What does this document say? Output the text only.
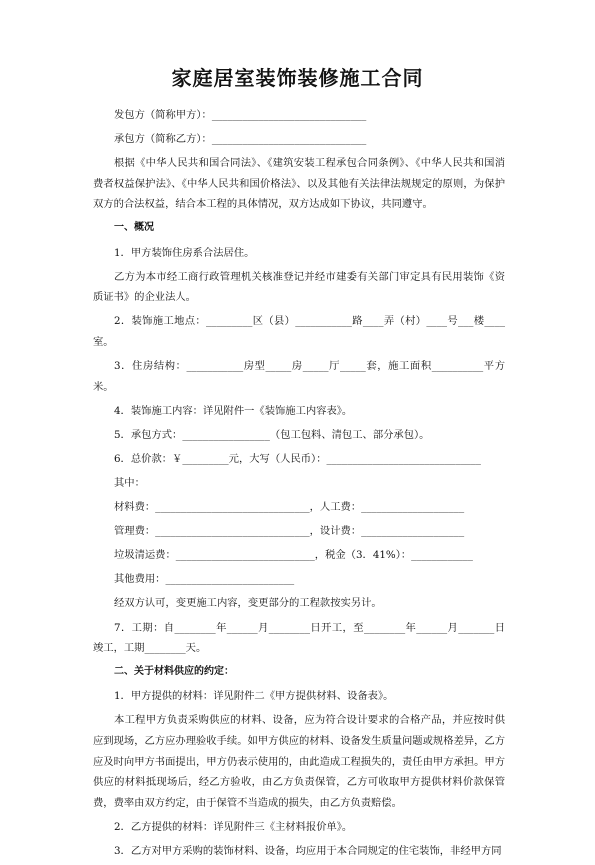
家庭居室装饰装修施工合同
发包方（简称甲方）：______________________________
承包方（简称乙方）：______________________________
根据《中华人民共和国合同法》、《建筑安装工程承包合同条例》、《中华人民共和国消费者权益保护法》、《中华人民共和国价格法》、以及其他有关法律法规规定的原则，为保护双方的合法权益，结合本工程的具体情况，双方达成如下协议，共同遵守。
一、概况
1．甲方装饰住房系合法居住。
乙方为本市经工商行政管理机关核准登记并经市建委有关部门审定具有民用装饰《资质证书》的企业法人。
2．装饰施工地点：_________区（县）___________路____弄（村）____号___楼____室。
3．住房结构：___________房型_____房_____厅_____套，施工面积__________平方米。
4．装饰施工内容：详见附件一《装饰施工内容表》。
5．承包方式：_________________（包工包料、清包工、部分承包）。
6．总价款：￥_________元，大写（人民币）：______________________________
其中：
材料费：______________________________，人工费：____________________
管理费：______________________________，设计费：____________________
垃圾清运费：___________________________，税金（3．41%）：____________
其他费用：_________________________
经双方认可，变更施工内容，变更部分的工程款按实另计。
7．工期：自________年______月________日开工，至________年______月_______日竣工，工期________天。
二、关于材料供应的约定：
1．甲方提供的材料：详见附件二《甲方提供材料、设备表》。
本工程甲方负责采购供应的材料、设备，应为符合设计要求的合格产品，并应按时供应到现场，乙方应办理验收手续。如甲方供应的材料、设备发生质量问题或规格差异，乙方应及时向甲方书面提出，甲方仍表示使用的，由此造成工程损失的，责任由甲方承担。甲方供应的材料抵现场后，经乙方验收，由乙方负责保管，乙方可收取甲方提供材料价款保管费，费率由双方约定，由于保管不当造成的损失，由乙方负责赔偿。
2．乙方提供的材料：详见附件三《主材料报价单》。
3．乙方对甲方采购的装饰材料、设备，均应用于本合同规定的住宅装饰，非经甲方同
